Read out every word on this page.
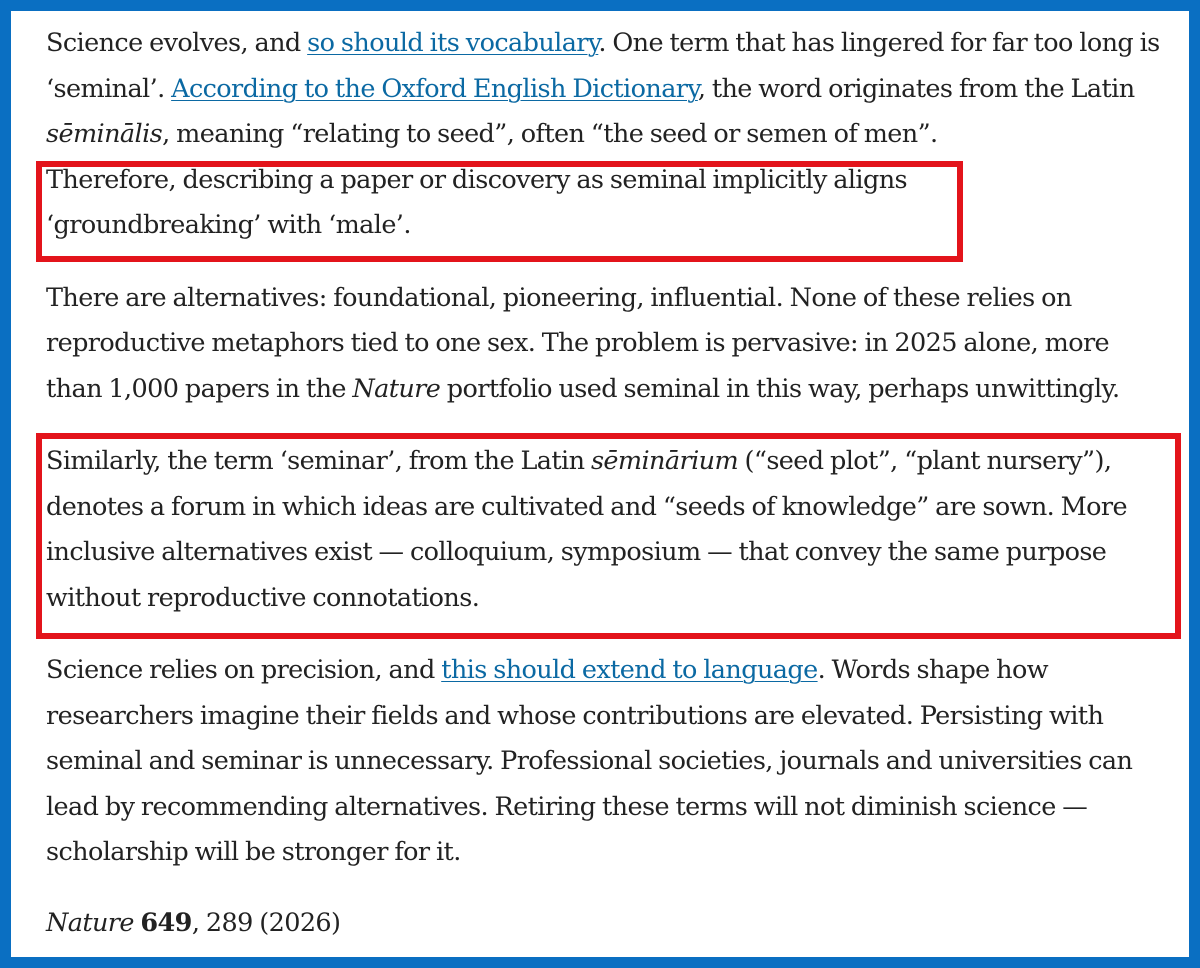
Science evolves, and so should its vocabulary. One term that has lingered for far too long is ‘seminal’. According to the Oxford English Dictionary, the word originates from the Latin sēminālis, meaning “relating to seed”, often “the seed or semen of men”.
Therefore, describing a paper or discovery as seminal implicitly aligns ‘groundbreaking’ with ‘male’.

There are alternatives: foundational, pioneering, influential. None of these relies on reproductive metaphors tied to one sex. The problem is pervasive: in 2025 alone, more than 1,000 papers in the Nature portfolio used seminal in this way, perhaps unwittingly.

Similarly, the term ‘seminar’, from the Latin sēminārium (“seed plot”, “plant nursery”), denotes a forum in which ideas are cultivated and “seeds of knowledge” are sown. More inclusive alternatives exist — colloquium, symposium — that convey the same purpose without reproductive connotations.

Science relies on precision, and this should extend to language. Words shape how researchers imagine their fields and whose contributions are elevated. Persisting with seminal and seminar is unnecessary. Professional societies, journals and universities can lead by recommending alternatives. Retiring these terms will not diminish science — scholarship will be stronger for it.

Nature 649, 289 (2026)
